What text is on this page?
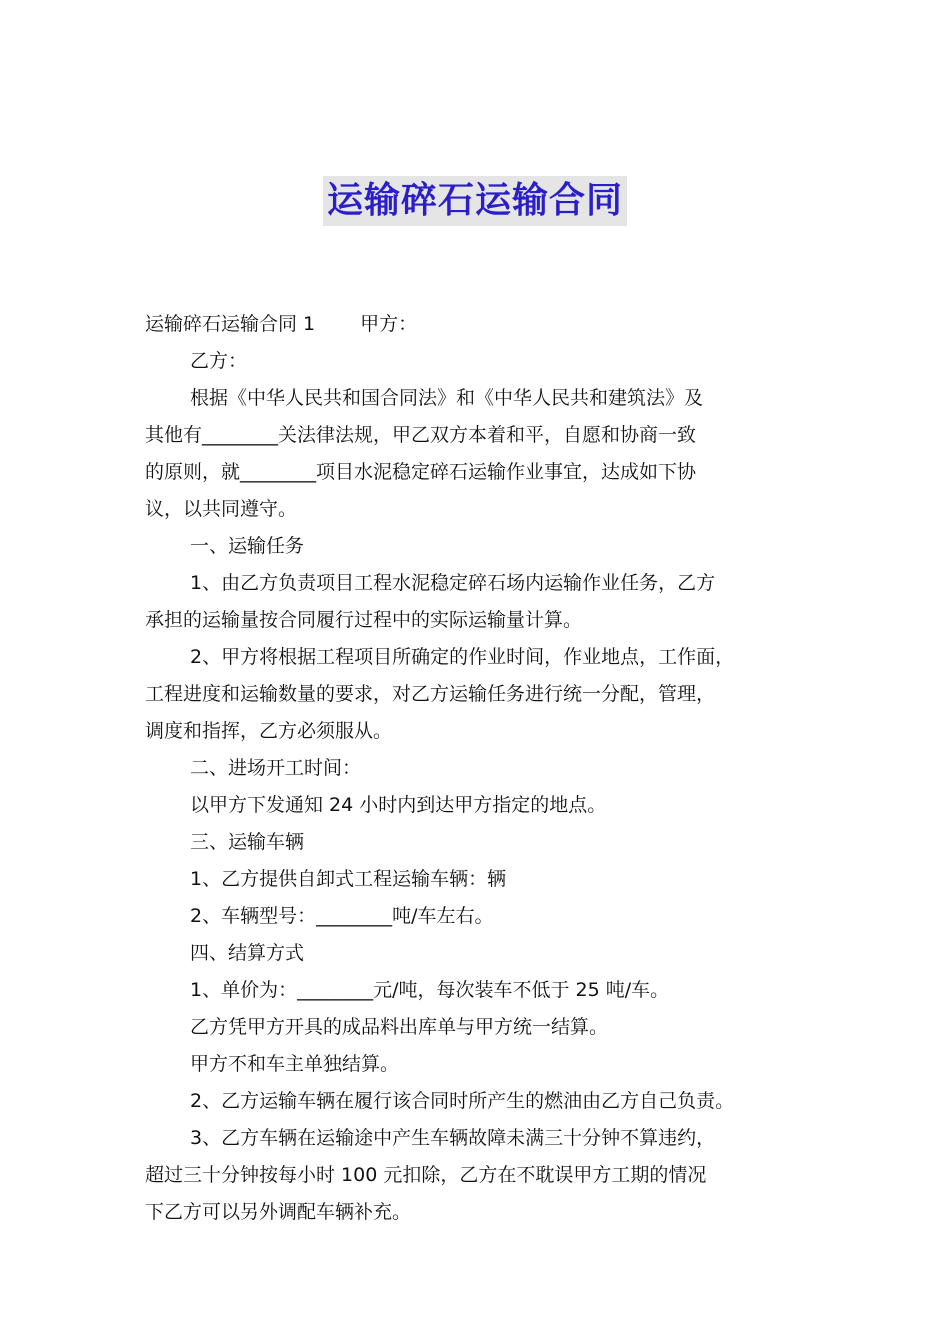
运输碎石运输合同

运输碎石运输合同 1 甲方：

乙方：

根据《中华人民共和国合同法》和《中华人民共和建筑法》及

其他有________关法律法规，甲乙双方本着和平，自愿和协商一致

的原则，就________项目水泥稳定碎石运输作业事宜，达成如下协

议，以共同遵守。

一、运输任务

1、由乙方负责项目工程水泥稳定碎石场内运输作业任务，乙方

承担的运输量按合同履行过程中的实际运输量计算。

2、甲方将根据工程项目所确定的作业时间，作业地点，工作面，

工程进度和运输数量的要求，对乙方运输任务进行统一分配，管理，

调度和指挥，乙方必须服从。

二、进场开工时间：

以甲方下发通知 24 小时内到达甲方指定的地点。

三、运输车辆

1、乙方提供自卸式工程运输车辆：辆

2、车辆型号：________吨/车左右。

四、结算方式

1、单价为：________元/吨，每次装车不低于 25 吨/车。

乙方凭甲方开具的成品料出库单与甲方统一结算。

甲方不和车主单独结算。

2、乙方运输车辆在履行该合同时所产生的燃油由乙方自己负责。

3、乙方车辆在运输途中产生车辆故障未满三十分钟不算违约，

超过三十分钟按每小时 100 元扣除，乙方在不耽误甲方工期的情况

下乙方可以另外调配车辆补充。
